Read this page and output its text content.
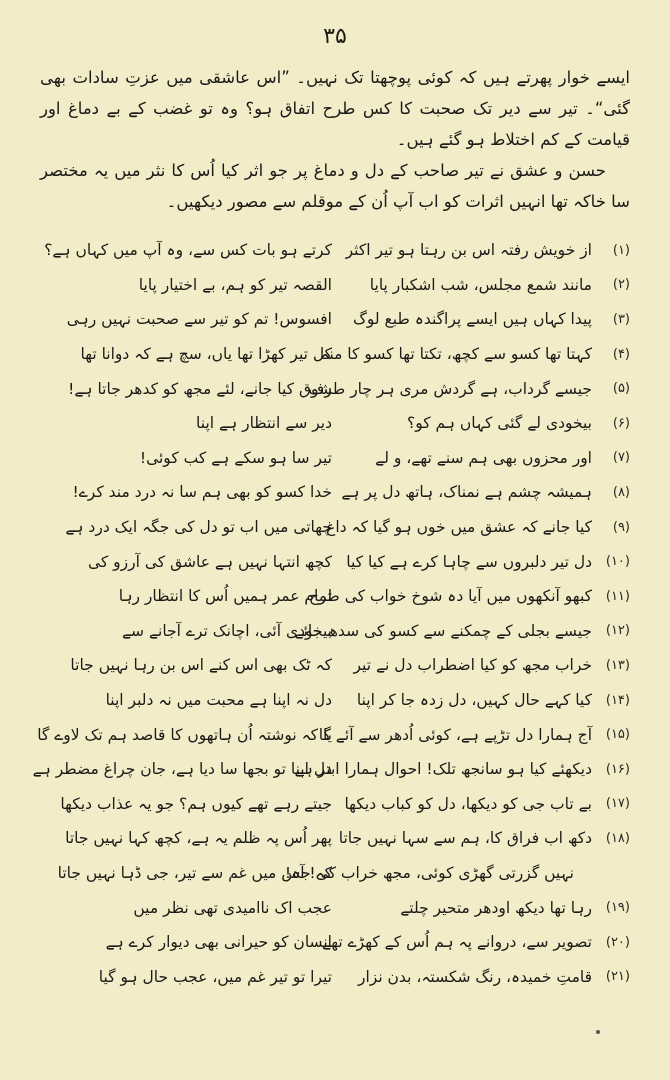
۳۵

ایسے خوار پھرتے ہیں کہ کوئی پوچھتا تک نہیں۔ ”اس عاشقی میں عزتِ سادات بھی گئی“۔ تیر سے دیر تک صحبت کا کس طرح اتفاق ہو؟ وہ تو غضب کے بے دماغ اور قیامت کے کم اختلاط ہو گئے ہیں۔

حسن و عشق نے تیر صاحب کے دل و دماغ پر جو اثر کیا اُس کا نثر میں یہ مختصر سا خاکہ تھا انہیں اثرات کو اب آپ اُن کے موقلم سے مصور دیکھیں۔

(۱)
از خویش رفتہ اس بن رہتا ہو تیر اکثر
کرتے ہو بات کس سے، وہ آپ میں کہاں ہے؟
(۲)
مانند شمع مجلس، شب اشکبار پایا
القصہ تیر کو ہم، بے اختیار پایا
(۳)
پیدا کہاں ہیں ایسے پراگندہ طبع لوگ
افسوس! تم کو تیر سے صحبت نہیں رہی
(۴)
کہتا تھا کسو سے کچھ، تکتا تھا کسو کا منہ
کل تیر کھڑا تھا یاں، سچ ہے کہ دوانا تھا
(۵)
جیسے گرداب، ہے گردش مری ہر چار طرف
شوق کیا جانے، لئے مجھ کو کدھر جاتا ہے!
(۶)
بیخودی لے گئی کہاں ہم کو؟
دیر سے انتظار ہے اپنا
(۷)
اور محزوں بھی ہم سنے تھے، و لے
تیر سا ہو سکے ہے کب کوئی!
(۸)
ہمیشہ چشم ہے نمناک، ہاتھ دل پر ہے
خدا کسو کو بھی ہم سا نہ درد مند کرے!
(۹)
کیا جانے کہ عشق میں خوں ہو گیا کہ داغ
چھاتی میں اب تو دل کی جگہ ایک درد ہے
(۱۰)
دل تیر دلبروں سے چاہا کرے ہے کیا کیا
کچھ انتہا نہیں ہے عاشق کی آرزو کی
(۱۱)
کبھو آنکھوں میں آیا دہ شوخ خواب کی طرح
تمام عمر ہمیں اُس کا انتظار رہا
(۱۲)
جیسے بجلی کے چمکنے سے کسو کی سدھ جائے
بیخودی آئی، اچانک ترے آجانے سے
(۱۳)
خراب مجھ کو کیا اضطراب دل نے تیر
کہ ٹک بھی اس کنے اس بن رہا نہیں جاتا
(۱۴)
کیا کہے حال کہیں، دل زدہ جا کر اپنا
دل نہ اپنا ہے محبت میں نہ دلبر اپنا
(۱۵)
آج ہمارا دل تڑپے ہے، کوئی اُدھر سے آئے گا
یا کہ نوشتہ اُن ہاتھوں کا قاصد ہم تک لاوے گا
(۱۶)
دیکھئے کیا ہو سانجھ تلک! احوال ہمارا ابتر ہے
دل اپنا تو بجھا سا دیا ہے، جان چراغ مضطر ہے
(۱۷)
بے تاب جی کو دیکھا، دل کو کباب دیکھا
جیتے رہے تھے کیوں ہم؟ جو یہ عذاب دیکھا
(۱۸)
دکھ اب فراق کا، ہم سے سہا نہیں جاتا
پھر اُس پہ ظلم یہ ہے، کچھ کہا نہیں جاتا
نہیں گزرتی گھڑی کوئی، مجھ خراب کی! آہ!
کہ جس میں غم سے تیر، جی ڈہا نہیں جاتا
(۱۹)
رہا تھا دیکھ اودھر متحیر چلتے
عجب اک ناامیدی تھی نظر میں
(۲۰)
تصویر سے، دروانے پہ ہم اُس کے کھڑے تھے
انسان کو حیرانی بھی دیوار کرے ہے
(۲۱)
قامتِ خمیدہ، رنگ شکستہ، بدن نزار
تیرا تو تیر غم میں، عجب حال ہو گیا
